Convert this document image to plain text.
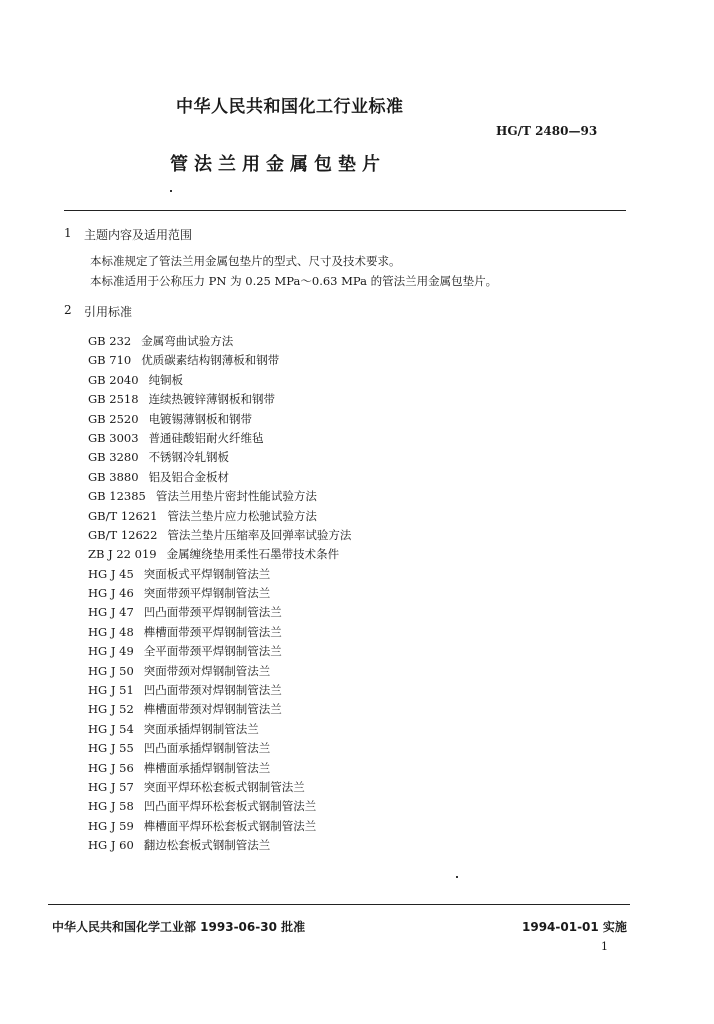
中华人民共和国化工行业标准
HG/T 2480—93
管法兰用金属包垫片
1 主题内容及适用范围
本标准规定了管法兰用金属包垫片的型式、尺寸及技术要求。
本标准适用于公称压力 PN 为 0.25 MPa～0.63 MPa 的管法兰用金属包垫片。
2 引用标准
GB 232 金属弯曲试验方法
GB 710 优质碳素结构钢薄板和钢带
GB 2040 纯铜板
GB 2518 连续热镀锌薄钢板和钢带
GB 2520 电镀锡薄钢板和钢带
GB 3003 普通硅酸铝耐火纤维毡
GB 3280 不锈钢冷轧钢板
GB 3880 铝及铝合金板材
GB 12385 管法兰用垫片密封性能试验方法
GB/T 12621 管法兰垫片应力松驰试验方法
GB/T 12622 管法兰垫片压缩率及回弹率试验方法
ZB J 22 019 金属缠绕垫用柔性石墨带技术条件
HG J 45 突面板式平焊钢制管法兰
HG J 46 突面带颈平焊钢制管法兰
HG J 47 凹凸面带颈平焊钢制管法兰
HG J 48 榫槽面带颈平焊钢制管法兰
HG J 49 全平面带颈平焊钢制管法兰
HG J 50 突面带颈对焊钢制管法兰
HG J 51 凹凸面带颈对焊钢制管法兰
HG J 52 榫槽面带颈对焊钢制管法兰
HG J 54 突面承插焊钢制管法兰
HG J 55 凹凸面承插焊钢制管法兰
HG J 56 榫槽面承插焊钢制管法兰
HG J 57 突面平焊环松套板式钢制管法兰
HG J 58 凹凸面平焊环松套板式钢制管法兰
HG J 59 榫槽面平焊环松套板式钢制管法兰
HG J 60 翻边松套板式钢制管法兰
中华人民共和国化学工业部 1993-06-30 批准	1994-01-01 实施
1
